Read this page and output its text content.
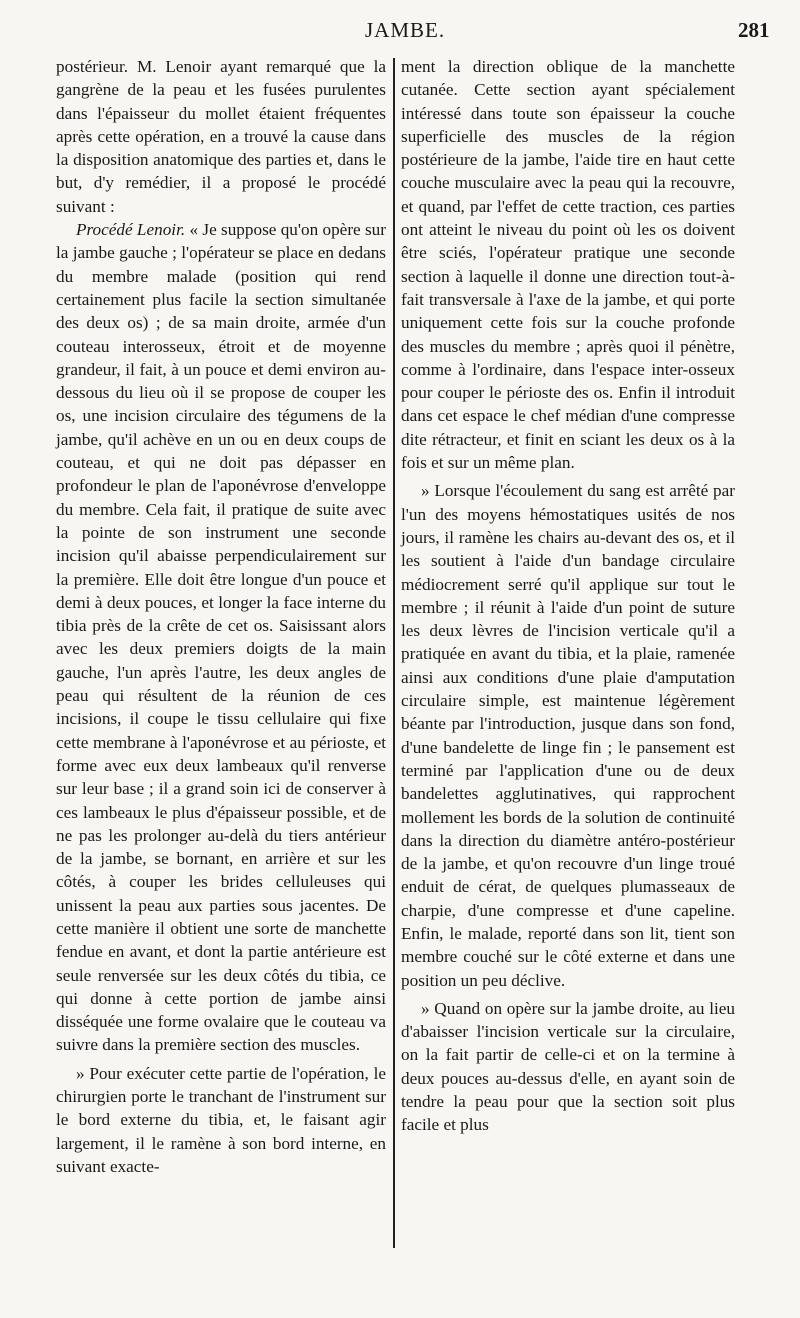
JAMBE.	281

postérieur. M. Lenoir ayant remarqué que la gangrène de la peau et les fusées purulentes dans l'épaisseur du mollet étaient fréquentes après cette opération, en a trouvé la cause dans la disposition anatomique des parties et, dans le but, d'y remédier, il a proposé le procédé suivant :

Procédé Lenoir. « Je suppose qu'on opère sur la jambe gauche ; l'opérateur se place en dedans du membre malade (position qui rend certainement plus facile la section simultanée des deux os) ; de sa main droite, armée d'un couteau interosseux, étroit et de moyenne grandeur, il fait, à un pouce et demi environ au-dessous du lieu où il se propose de couper les os, une incision circulaire des tégumens de la jambe, qu'il achève en un ou en deux coups de couteau, et qui ne doit pas dépasser en profondeur le plan de l'aponévrose d'enveloppe du membre. Cela fait, il pratique de suite avec la pointe de son instrument une seconde incision qu'il abaisse perpendiculairement sur la première. Elle doit être longue d'un pouce et demi à deux pouces, et longer la face interne du tibia près de la crête de cet os. Saisissant alors avec les deux premiers doigts de la main gauche, l'un après l'autre, les deux angles de peau qui résultent de la réunion de ces incisions, il coupe le tissu cellulaire qui fixe cette membrane à l'aponévrose et au périoste, et forme avec eux deux lambeaux qu'il renverse sur leur base ; il a grand soin ici de conserver à ces lambeaux le plus d'épaisseur possible, et de ne pas les prolonger au-delà du tiers antérieur de la jambe, se bornant, en arrière et sur les côtés, à couper les brides celluleuses qui unissent la peau aux parties sous jacentes. De cette manière il obtient une sorte de manchette fendue en avant, et dont la partie antérieure est seule renversée sur les deux côtés du tibia, ce qui donne à cette portion de jambe ainsi disséquée une forme ovalaire que le couteau va suivre dans la première section des muscles.

» Pour exécuter cette partie de l'opération, le chirurgien porte le tranchant de l'instrument sur le bord externe du tibia, et, le faisant agir largement, il le ramène à son bord interne, en suivant exacte-

ment la direction oblique de la manchette cutanée. Cette section ayant spécialement intéressé dans toute son épaisseur la couche superficielle des muscles de la région postérieure de la jambe, l'aide tire en haut cette couche musculaire avec la peau qui la recouvre, et quand, par l'effet de cette traction, ces parties ont atteint le niveau du point où les os doivent être sciés, l'opérateur pratique une seconde section à laquelle il donne une direction tout-à-fait transversale à l'axe de la jambe, et qui porte uniquement cette fois sur la couche profonde des muscles du membre ; après quoi il pénètre, comme à l'ordinaire, dans l'espace inter-osseux pour couper le périoste des os. Enfin il introduit dans cet espace le chef médian d'une compresse dite rétracteur, et finit en sciant les deux os à la fois et sur un même plan.

» Lorsque l'écoulement du sang est arrêté par l'un des moyens hémostatiques usités de nos jours, il ramène les chairs au-devant des os, et il les soutient à l'aide d'un bandage circulaire médiocrement serré qu'il applique sur tout le membre ; il réunit à l'aide d'un point de suture les deux lèvres de l'incision verticale qu'il a pratiquée en avant du tibia, et la plaie, ramenée ainsi aux conditions d'une plaie d'amputation circulaire simple, est maintenue légèrement béante par l'introduction, jusque dans son fond, d'une bandelette de linge fin ; le pansement est terminé par l'application d'une ou de deux bandelettes agglutinatives, qui rapprochent mollement les bords de la solution de continuité dans la direction du diamètre antéro-postérieur de la jambe, et qu'on recouvre d'un linge troué enduit de cérat, de quelques plumasseaux de charpie, d'une compresse et d'une capeline. Enfin, le malade, reporté dans son lit, tient son membre couché sur le côté externe et dans une position un peu déclive.

» Quand on opère sur la jambe droite, au lieu d'abaisser l'incision verticale sur la circulaire, on la fait partir de celle-ci et on la termine à deux pouces au-dessus d'elle, en ayant soin de tendre la peau pour que la section soit plus facile et plus
